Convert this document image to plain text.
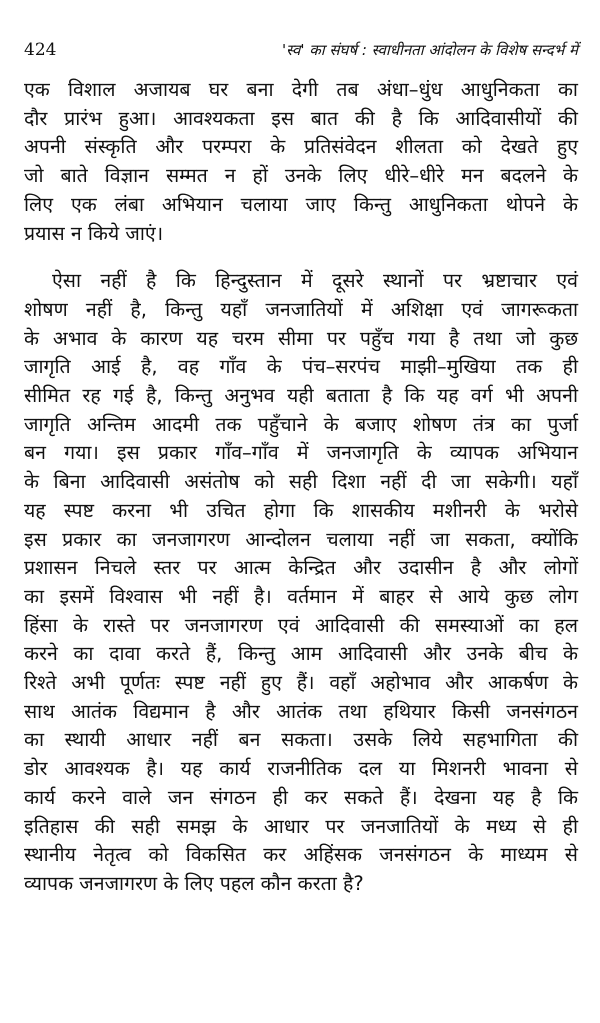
424	'स्व' का संघर्ष : स्वाधीनता आंदोलन के विशेष सन्दर्भ में
एक विशाल अजायब घर बना देगी तब अंधा–धुंध आधुनिकता का
दौर प्रारंभ हुआ। आवश्यकता इस बात की है कि आदिवासीयों की
अपनी संस्कृति और परम्परा के प्रतिसंवेदन शीलता को देखते हुए
जो बाते विज्ञान सम्मत न हों उनके लिए धीरे–धीरे मन बदलने के
लिए एक लंबा अभियान चलाया जाए किन्तु आधुनिकता थोपने के
प्रयास न किये जाएं।
ऐसा नहीं है कि हिन्दुस्तान में दूसरे स्थानों पर भ्रष्टाचार एवं
शोषण नहीं है, किन्तु यहाँ जनजातियों में अशिक्षा एवं जागरूकता
के अभाव के कारण यह चरम सीमा पर पहुँच गया है तथा जो कुछ
जागृति आई है, वह गाँव के पंच–सरपंच माझी–मुखिया तक ही
सीमित रह गई है, किन्तु अनुभव यही बताता है कि यह वर्ग भी अपनी
जागृति अन्तिम आदमी तक पहुँचाने के बजाए शोषण तंत्र का पुर्जा
बन गया। इस प्रकार गाँव–गाँव में जनजागृति के व्यापक अभियान
के बिना आदिवासी असंतोष को सही दिशा नहीं दी जा सकेगी। यहाँ
यह स्पष्ट करना भी उचित होगा कि शासकीय मशीनरी के भरोसे
इस प्रकार का जनजागरण आन्दोलन चलाया नहीं जा सकता, क्योंकि
प्रशासन निचले स्तर पर आत्म केन्द्रित और उदासीन है और लोगों
का इसमें विश्वास भी नहीं है। वर्तमान में बाहर से आये कुछ लोग
हिंसा के रास्ते पर जनजागरण एवं आदिवासी की समस्याओं का हल
करने का दावा करते हैं, किन्तु आम आदिवासी और उनके बीच के
रिश्ते अभी पूर्णतः स्पष्ट नहीं हुए हैं। वहाँ अहोभाव और आकर्षण के
साथ आतंक विद्यमान है और आतंक तथा हथियार किसी जनसंगठन
का स्थायी आधार नहीं बन सकता। उसके लिये सहभागिता की
डोर आवश्यक है। यह कार्य राजनीतिक दल या मिशनरी भावना से
कार्य करने वाले जन संगठन ही कर सकते हैं। देखना यह है कि
इतिहास की सही समझ के आधार पर जनजातियों के मध्य से ही
स्थानीय नेतृत्व को विकसित कर अहिंसक जनसंगठन के माध्यम से
व्यापक जनजागरण के लिए पहल कौन करता है?
